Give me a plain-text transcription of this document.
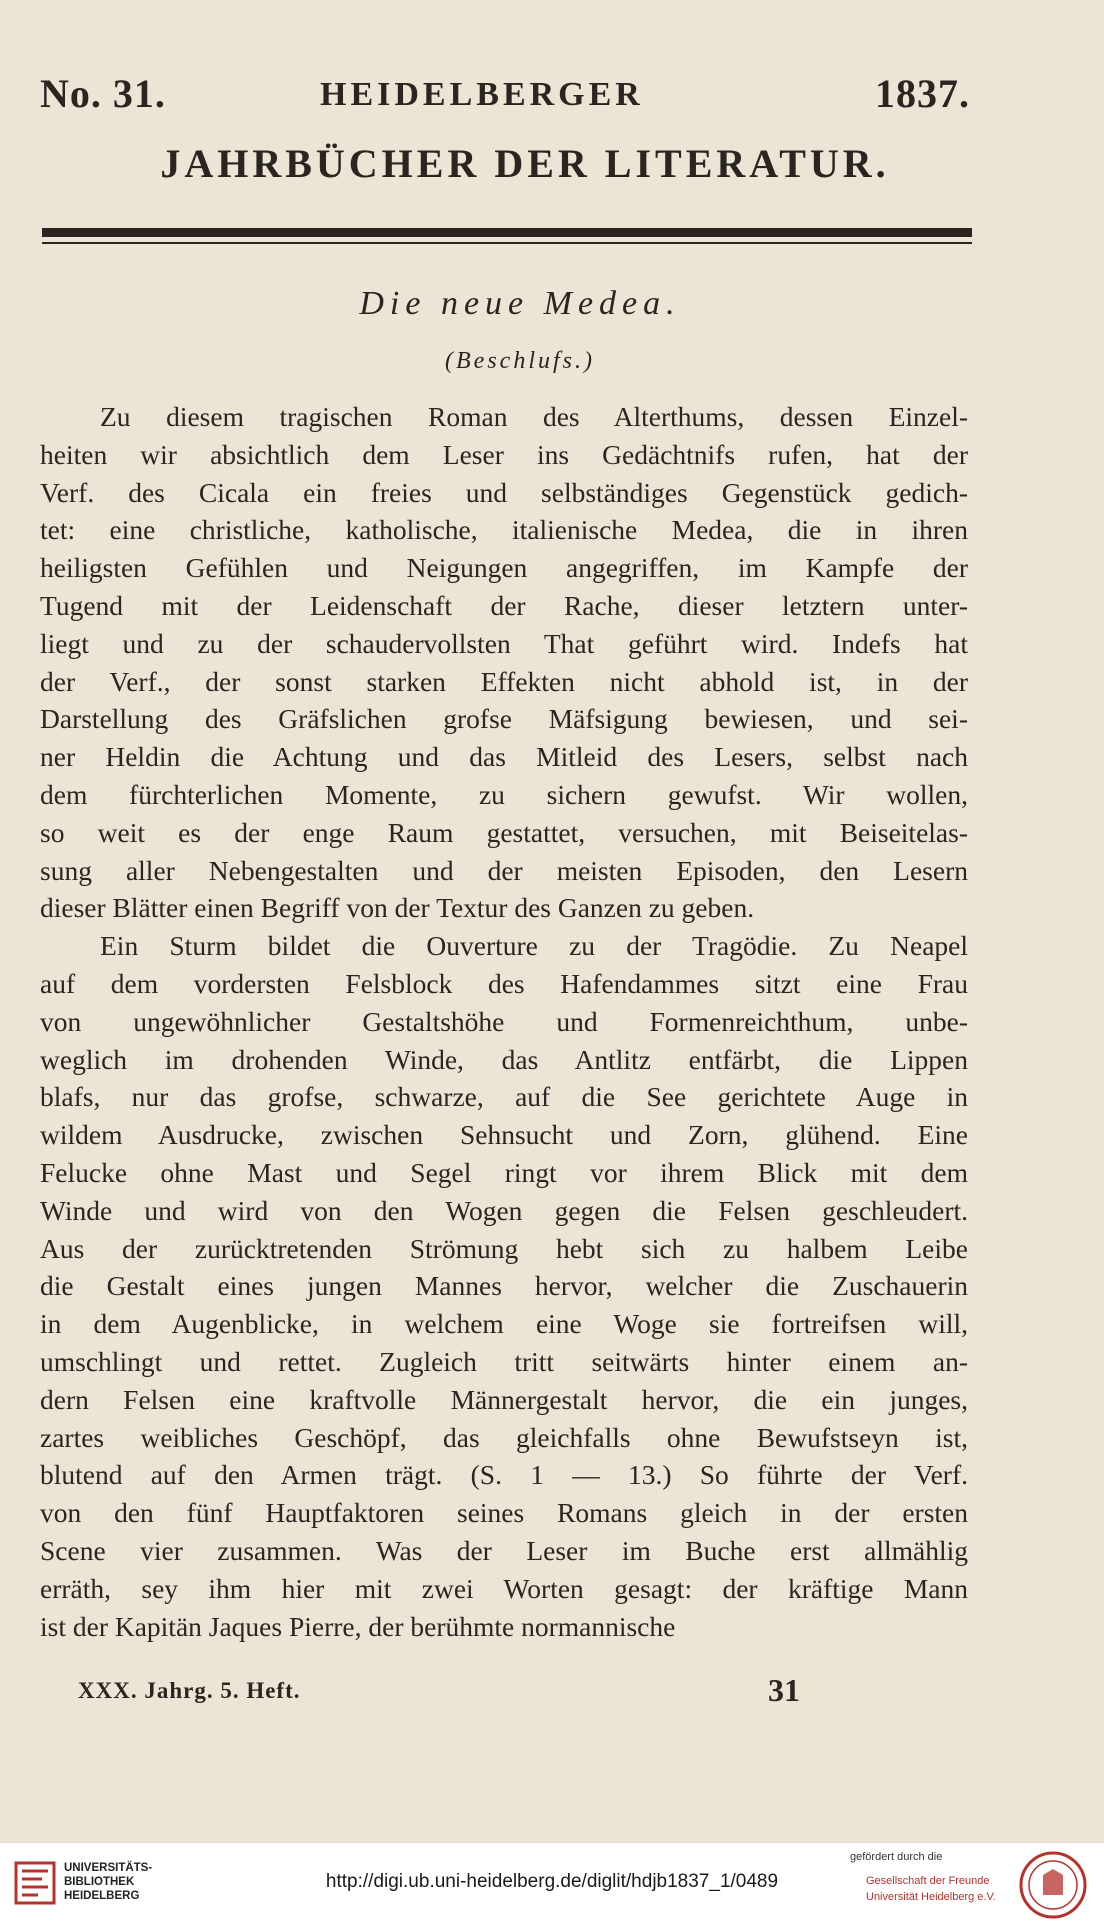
No. 31.	HEIDELBERGER	1837.
JAHRBÜCHER DER LITERATUR.
Die neue Medea.
(Beschlufs.)
Zu diesem tragischen Roman des Alterthums, dessen Einzel-
heiten wir absichtlich dem Leser ins Gedächtnifs rufen, hat der
Verf. des Cicala ein freies und selbständiges Gegenstück gedich-
tet: eine christliche, katholische, italienische Medea, die in ihren
heiligsten Gefühlen und Neigungen angegriffen, im Kampfe der
Tugend mit der Leidenschaft der Rache, dieser letztern unter-
liegt und zu der schaudervollsten That geführt wird. Indefs hat
der Verf., der sonst starken Effekten nicht abhold ist, in der
Darstellung des Gräfslichen grofse Mäfsigung bewiesen, und sei-
ner Heldin die Achtung und das Mitleid des Lesers, selbst nach
dem fürchterlichen Momente, zu sichern gewufst. Wir wollen,
so weit es der enge Raum gestattet, versuchen, mit Beiseitelas-
sung aller Nebengestalten und der meisten Episoden, den Lesern
dieser Blätter einen Begriff von der Textur des Ganzen zu geben.
Ein Sturm bildet die Ouverture zu der Tragödie. Zu Neapel
auf dem vordersten Felsblock des Hafendammes sitzt eine Frau
von ungewöhnlicher Gestaltshöhe und Formenreichthum, unbe-
weglich im drohenden Winde, das Antlitz entfärbt, die Lippen
blafs, nur das grofse, schwarze, auf die See gerichtete Auge in
wildem Ausdrucke, zwischen Sehnsucht und Zorn, glühend. Eine
Felucke ohne Mast und Segel ringt vor ihrem Blick mit dem
Winde und wird von den Wogen gegen die Felsen geschleudert.
Aus der zurücktretenden Strömung hebt sich zu halbem Leibe
die Gestalt eines jungen Mannes hervor, welcher die Zuschauerin
in dem Augenblicke, in welchem eine Woge sie fortreifsen will,
umschlingt und rettet. Zugleich tritt seitwärts hinter einem an-
dern Felsen eine kraftvolle Männergestalt hervor, die ein junges,
zartes weibliches Geschöpf, das gleichfalls ohne Bewufstseyn ist,
blutend auf den Armen trägt. (S. 1 — 13.) So führte der Verf.
von den fünf Hauptfaktoren seines Romans gleich in der ersten
Scene vier zusammen. Was der Leser im Buche erst allmählig
erräth, sey ihm hier mit zwei Worten gesagt: der kräftige Mann
ist der Kapitän Jaques Pierre, der berühmte normannische
XXX. Jahrg. 5. Heft.	31
UNIVERSITÄTS-
BIBLIOTHEK
HEIDELBERG
http://digi.ub.uni-heidelberg.de/diglit/hdjb1837_1/0489
gefördert durch die
Gesellschaft der Freunde
Universität Heidelberg e.V.
